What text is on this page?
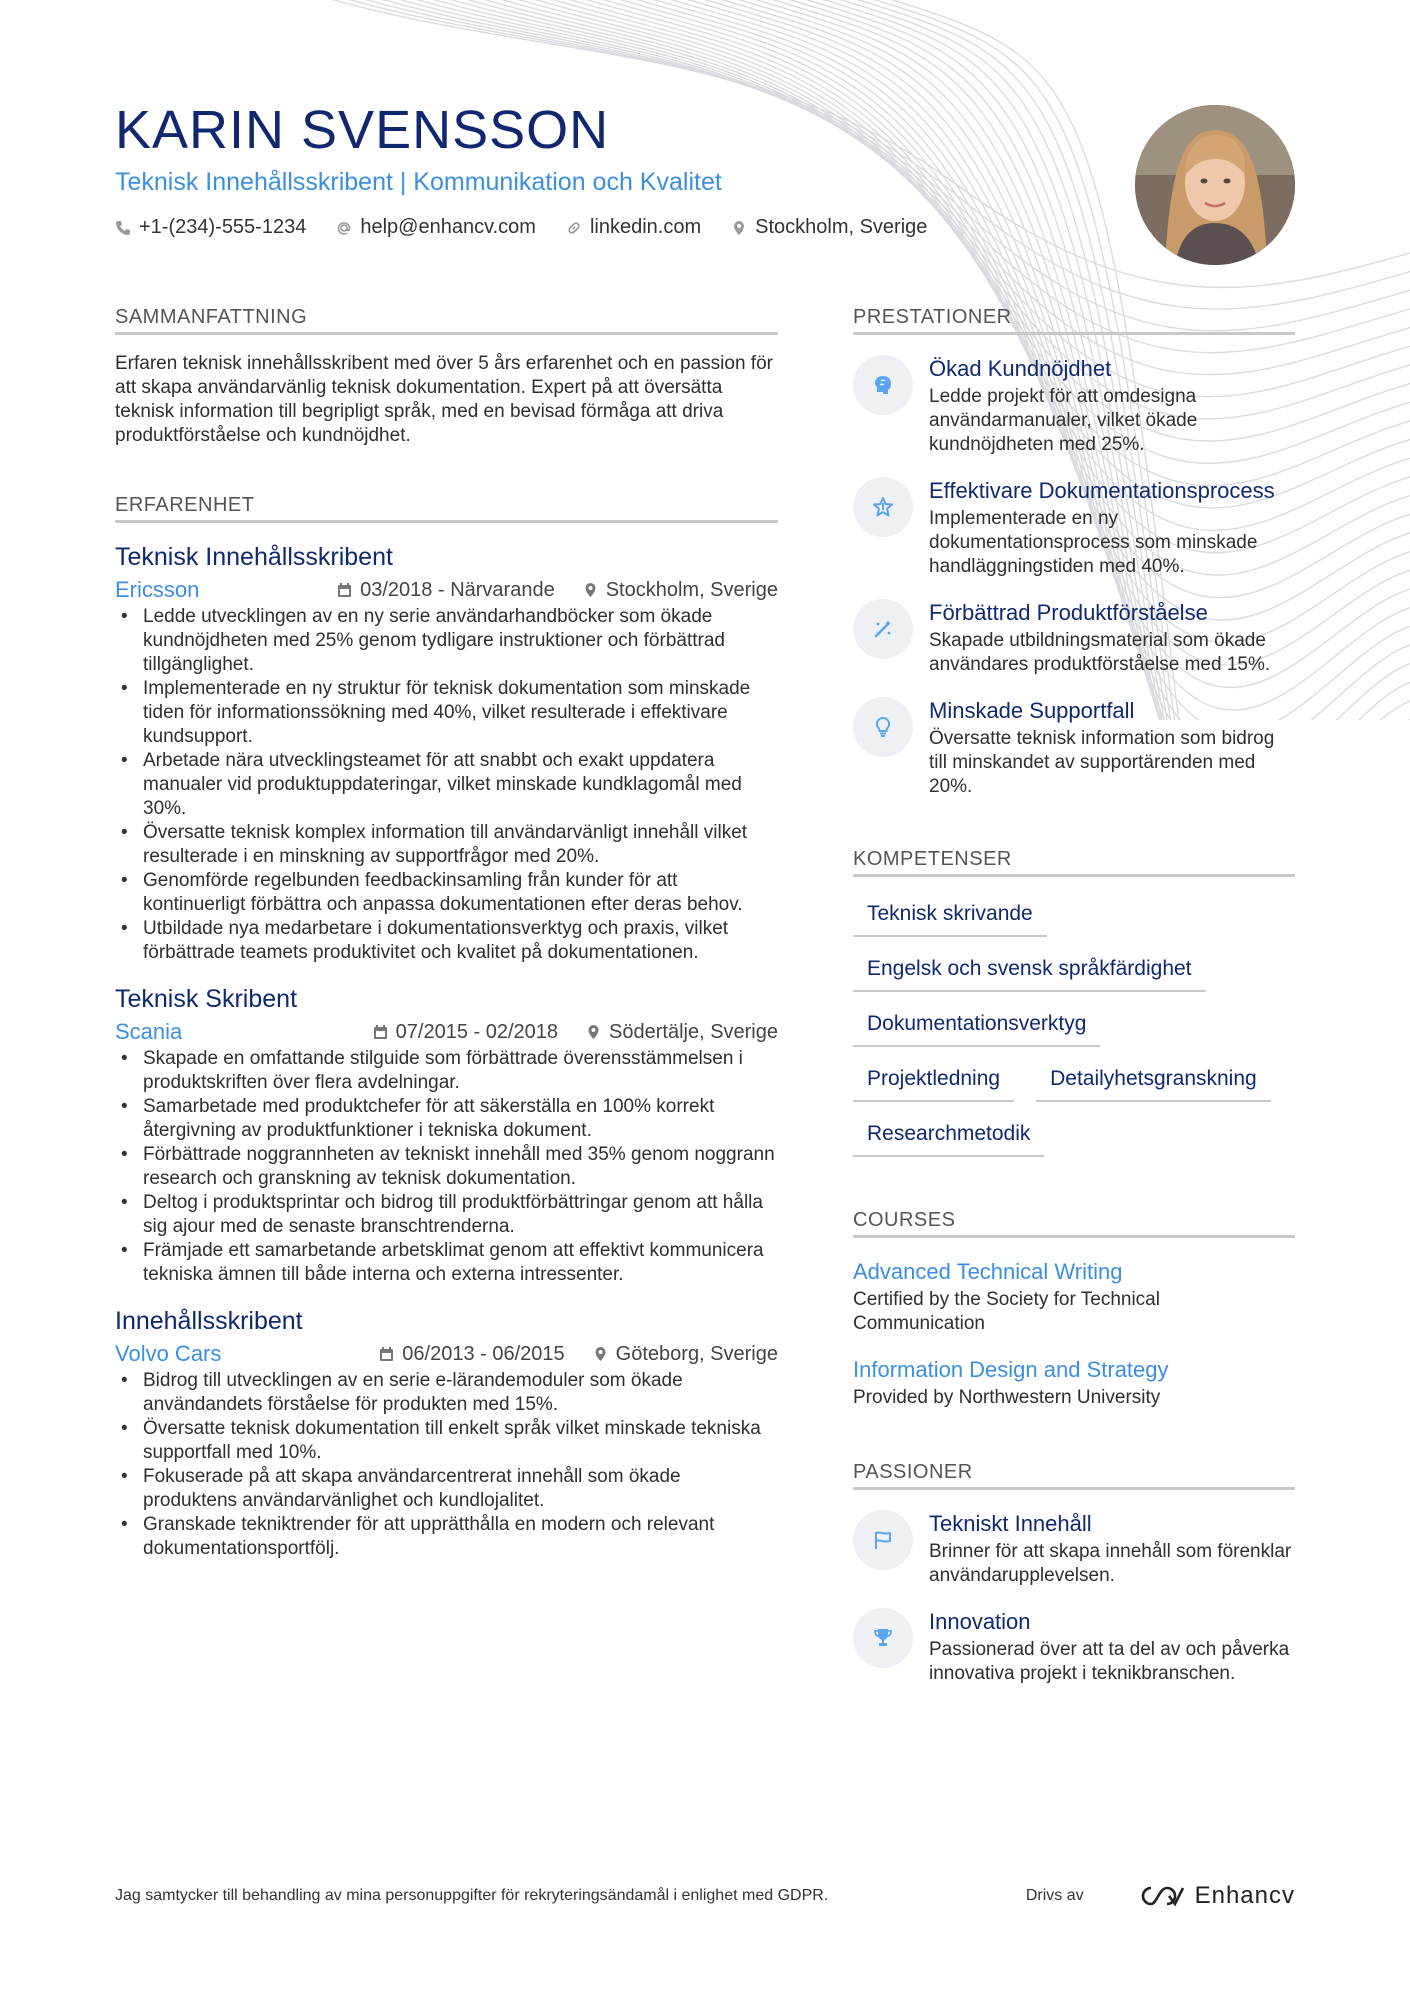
KARIN SVENSSON
Teknisk Innehållsskribent | Kommunikation och Kvalitet
+1-(234)-555-1234	help@enhancv.com	linkedin.com	Stockholm, Sverige
SAMMANFATTNING
Erfaren teknisk innehållsskribent med över 5 års erfarenhet och en passion för att skapa användarvänlig teknisk dokumentation. Expert på att översätta teknisk information till begripligt språk, med en bevisad förmåga att driva produktförståelse och kundnöjdhet.
ERFARENHET
Teknisk Innehållsskribent
Ericsson	03/2018 - Närvarande	Stockholm, Sverige
• Ledde utvecklingen av en ny serie användarhandböcker som ökade kundnöjdheten med 25% genom tydligare instruktioner och förbättrad tillgänglighet.
• Implementerade en ny struktur för teknisk dokumentation som minskade tiden för informationssökning med 40%, vilket resulterade i effektivare kundsupport.
• Arbetade nära utvecklingsteamet för att snabbt och exakt uppdatera manualer vid produktuppdateringar, vilket minskade kundklagomål med 30%.
• Översatte teknisk komplex information till användarvänligt innehåll vilket resulterade i en minskning av supportfrågor med 20%.
• Genomförde regelbunden feedbackinsamling från kunder för att kontinuerligt förbättra och anpassa dokumentationen efter deras behov.
• Utbildade nya medarbetare i dokumentationsverktyg och praxis, vilket förbättrade teamets produktivitet och kvalitet på dokumentationen.
Teknisk Skribent
Scania	07/2015 - 02/2018	Södertälje, Sverige
• Skapade en omfattande stilguide som förbättrade överensstämmelsen i produktskriften över flera avdelningar.
• Samarbetade med produktchefer för att säkerställa en 100% korrekt återgivning av produktfunktioner i tekniska dokument.
• Förbättrade noggrannheten av tekniskt innehåll med 35% genom noggrann research och granskning av teknisk dokumentation.
• Deltog i produktsprintar och bidrog till produktförbättringar genom att hålla sig ajour med de senaste branschtrenderna.
• Främjade ett samarbetande arbetsklimat genom att effektivt kommunicera tekniska ämnen till både interna och externa intressenter.
Innehållsskribent
Volvo Cars	06/2013 - 06/2015	Göteborg, Sverige
• Bidrog till utvecklingen av en serie e-lärandemoduler som ökade användandets förståelse för produkten med 15%.
• Översatte teknisk dokumentation till enkelt språk vilket minskade tekniska supportfall med 10%.
• Fokuserade på att skapa användarcentrerat innehåll som ökade produktens användarvänlighet och kundlojalitet.
• Granskade tekniktrender för att upprätthålla en modern och relevant dokumentationsportfölj.
PRESTATIONER
Ökad Kundnöjdhet
Ledde projekt för att omdesigna användarmanualer, vilket ökade kundnöjdheten med 25%.
Effektivare Dokumentationsprocess
Implementerade en ny dokumentationsprocess som minskade handläggningstiden med 40%.
Förbättrad Produktförståelse
Skapade utbildningsmaterial som ökade användares produktförståelse med 15%.
Minskade Supportfall
Översatte teknisk information som bidrog till minskandet av supportärenden med 20%.
KOMPETENSER
Teknisk skrivande
Engelsk och svensk språkfärdighet
Dokumentationsverktyg
Projektledning	Detailyhetsgranskning
Researchmetodik
COURSES
Advanced Technical Writing
Certified by the Society for Technical Communication
Information Design and Strategy
Provided by Northwestern University
PASSIONER
Tekniskt Innehåll
Brinner för att skapa innehåll som förenklar användarupplevelsen.
Innovation
Passionerad över att ta del av och påverka innovativa projekt i teknikbranschen.
Jag samtycker till behandling av mina personuppgifter för rekryteringsändamål i enlighet med GDPR.	Drivs av	Enhancv
